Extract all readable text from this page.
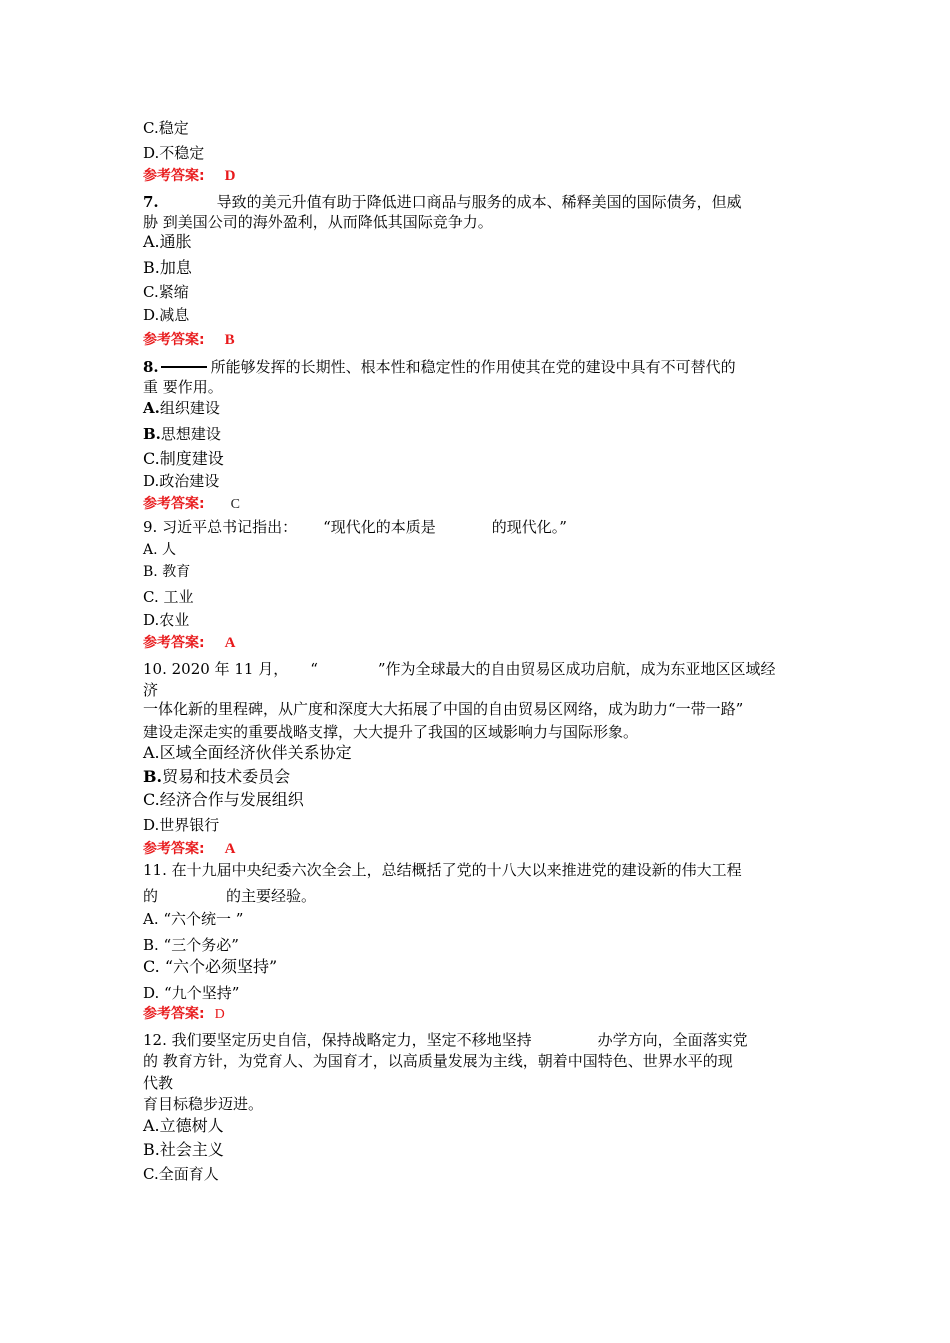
C.稳定
D.不稳定
参考答案: D
7.	导致的美元升值有助于降低进口商品与服务的成本、稀释美国的国际债务，但威
胁 到美国公司的海外盈利，从而降低其国际竞争力。
A.通胀
B.加息
C.紧缩
D.减息
参考答案: B
8.	所能够发挥的长期性、根本性和稳定性的作用使其在党的建设中具有不可替代的
重 要作用。
A.组织建设
B.思想建设
C.制度建设
D.政治建设
参考答案: C
9. 习近平总书记指出： “现代化的本质是	的现代化。”
A. 人
B. 教育
C. 工业
D.农业
参考答案: A
10. 2020 年 11 月， “	”作为全球最大的自由贸易区成功启航，成为东亚地区区域经
济
一体化新的里程碑，从广度和深度大大拓展了中国的自由贸易区网络，成为助力“一带一路”
建设走深走实的重要战略支撑，大大提升了我国的区域影响力与国际形象。
A.区域全面经济伙伴关系协定
B.贸易和技术委员会
C.经济合作与发展组织
D.世界银行
参考答案: A
11. 在十九届中央纪委六次全会上，总结概括了党的十八大以来推进党的建设新的伟大工程
的	的主要经验。
A. “六个统一 ”
B. “三个务必”
C. “六个必须坚持”
D. “九个坚持”
参考答案: D
12. 我们要坚定历史自信，保持战略定力，坚定不移地坚持	办学方向，全面落实党
的 教育方针，为党育人、为国育才，以高质量发展为主线，朝着中国特色、世界水平的现
代教
育目标稳步迈进。
A.立德树人
B.社会主义
C.全面育人
